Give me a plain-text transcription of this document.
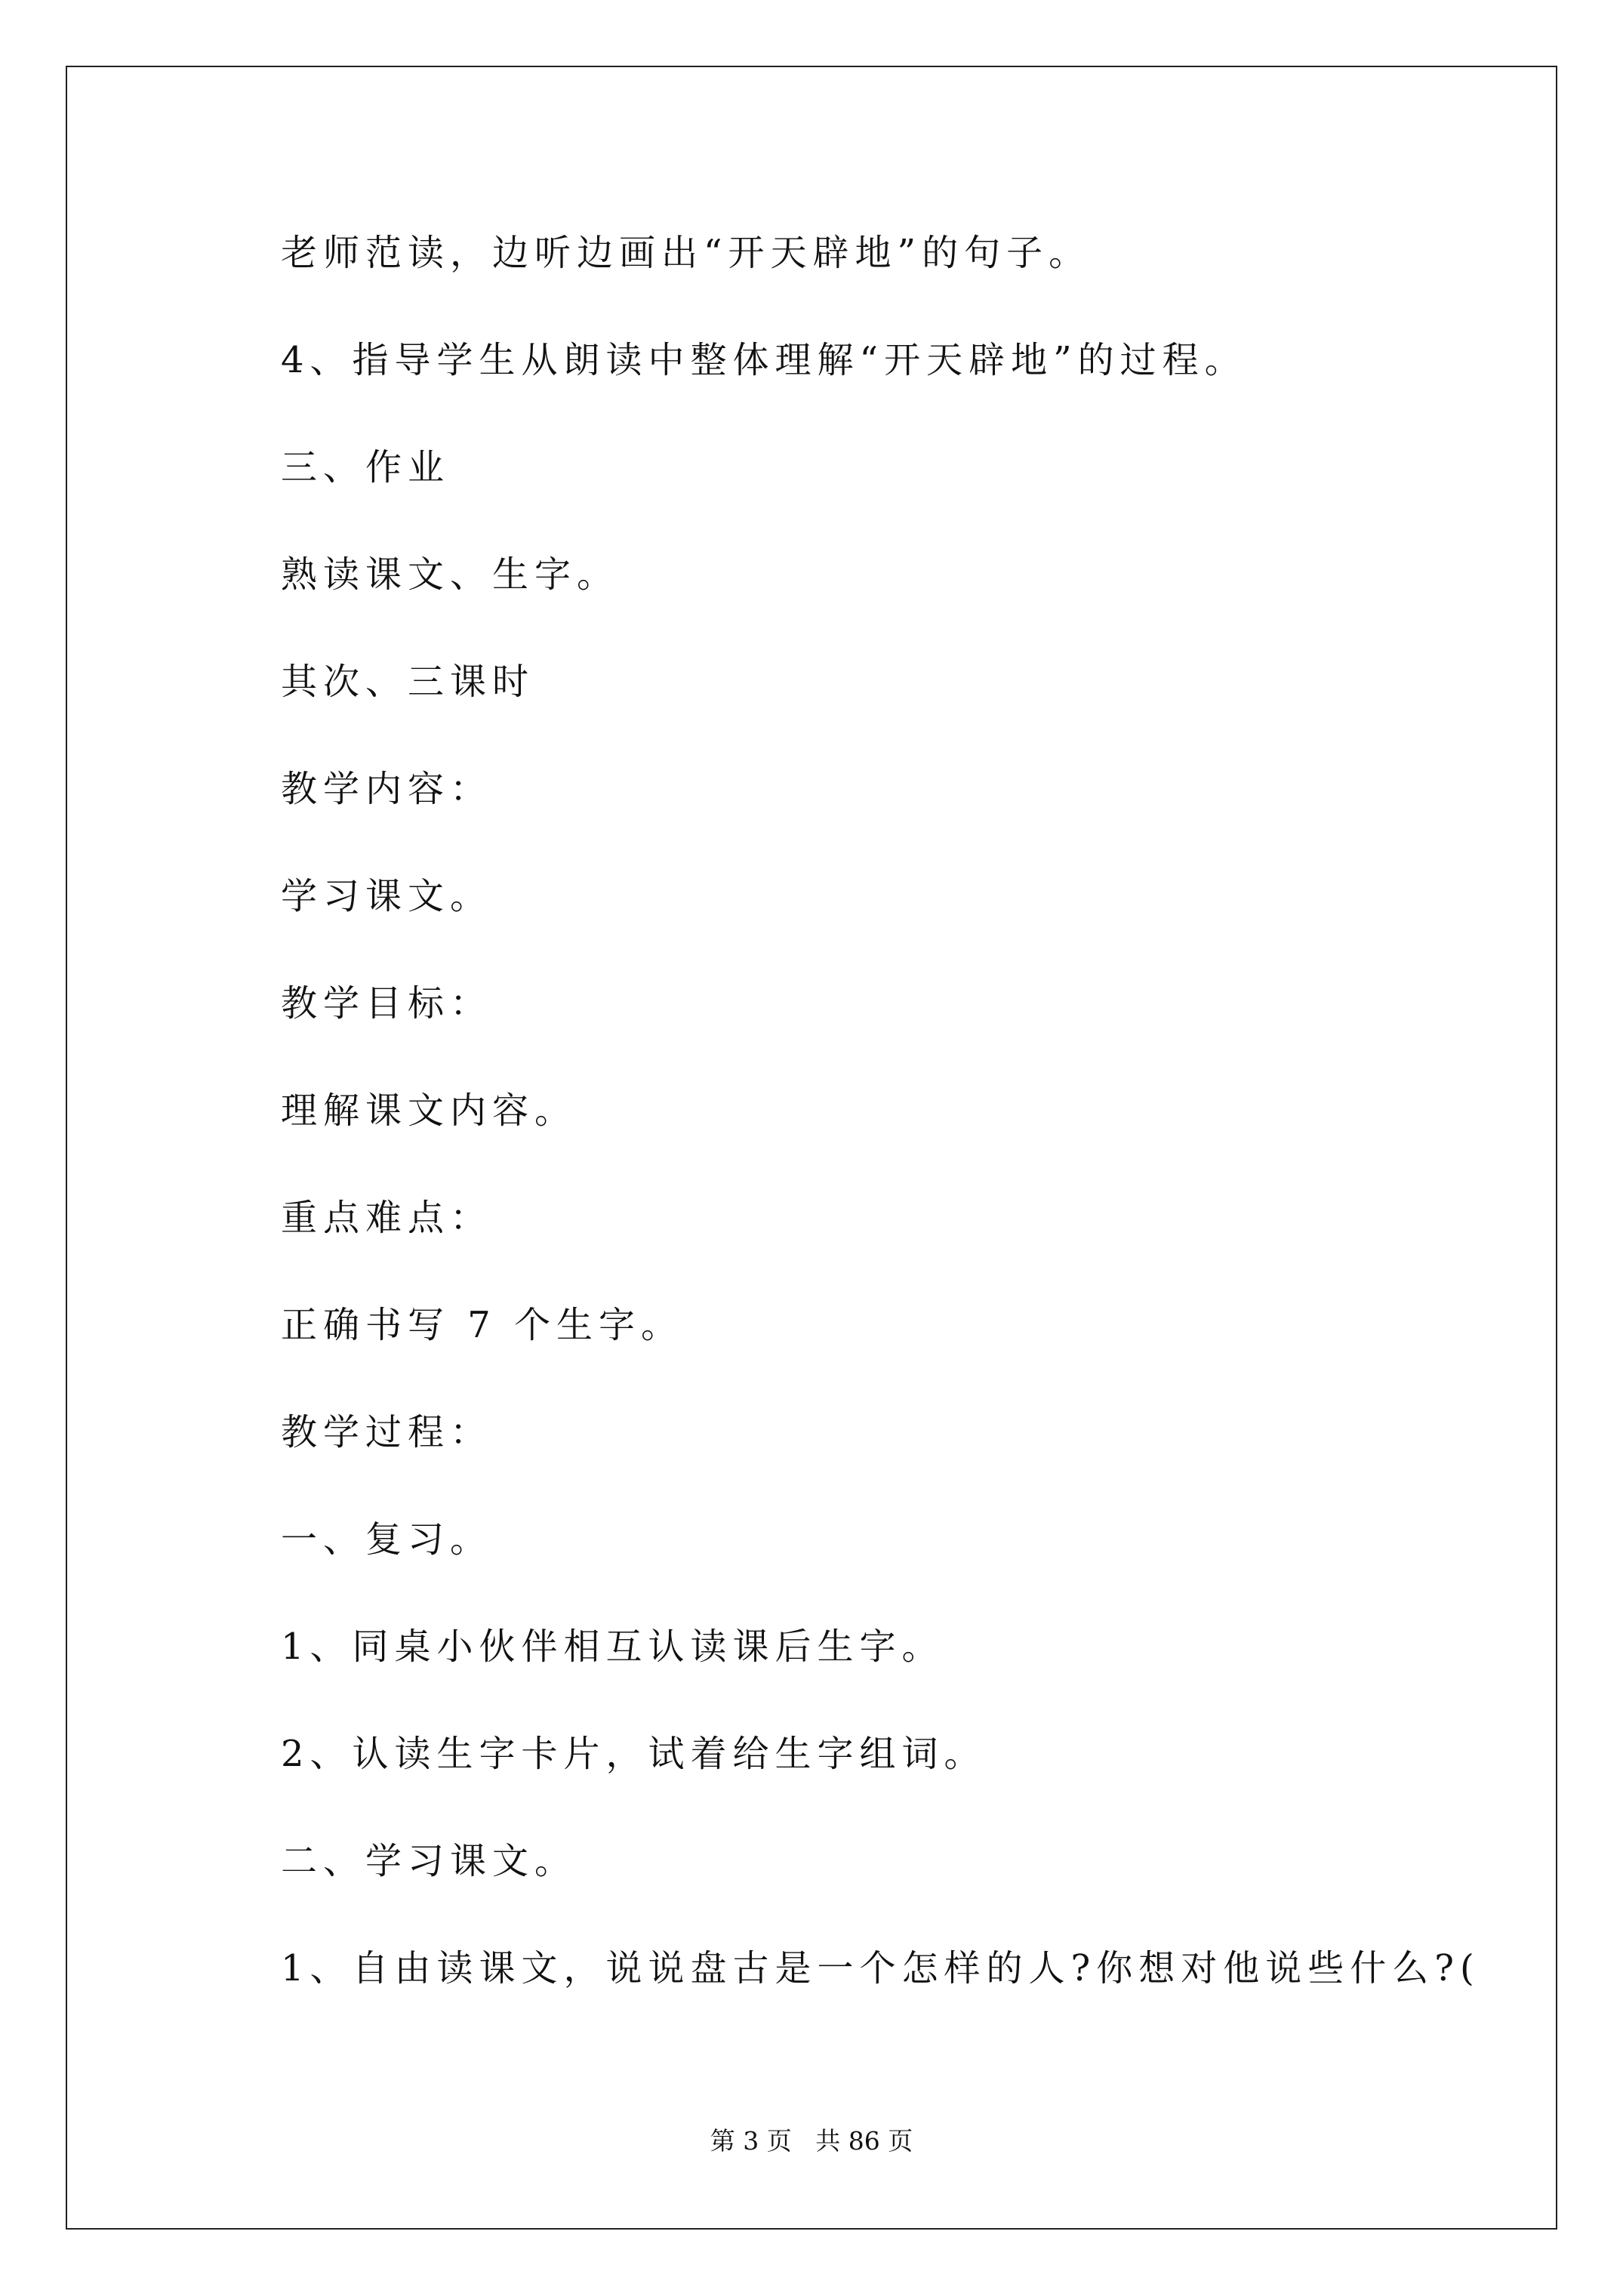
老师范读，边听边画出“开天辟地”的句子。
4、指导学生从朗读中整体理解“开天辟地”的过程。
三、作业
熟读课文、生字。
其次、三课时
教学内容：
学习课文。
教学目标：
理解课文内容。
重点难点：
正确书写 7 个生字。
教学过程：
一、复习。
1、同桌小伙伴相互认读课后生字。
2、认读生字卡片，试着给生字组词。
二、学习课文。
1、自由读课文，说说盘古是一个怎样的人?你想对他说些什么?(
第 3 页   共 86 页
